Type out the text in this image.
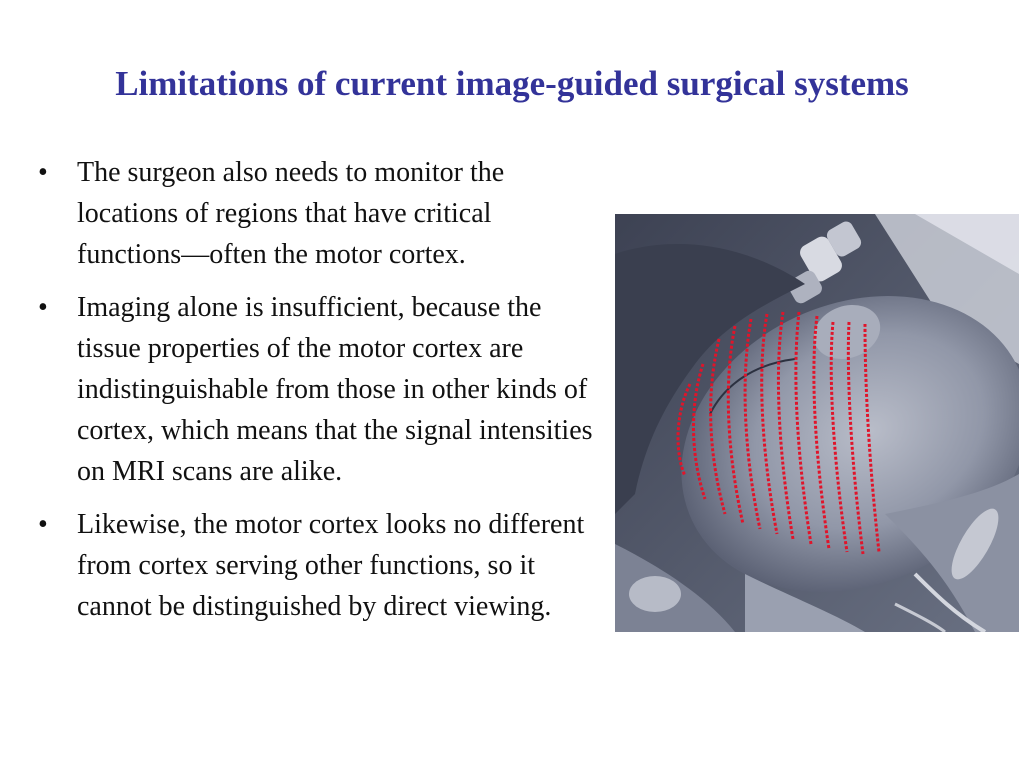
Limitations of current image-guided surgical systems
• The surgeon also needs to monitor the locations of regions that have critical functions—often the motor cortex.
• Imaging alone is insufficient, because the tissue properties of the motor cortex are indistinguishable from those in other kinds of cortex, which means that the signal intensities on MRI scans are alike.
• Likewise, the motor cortex looks no different from cortex serving other functions, so it cannot be distinguished by direct viewing.
